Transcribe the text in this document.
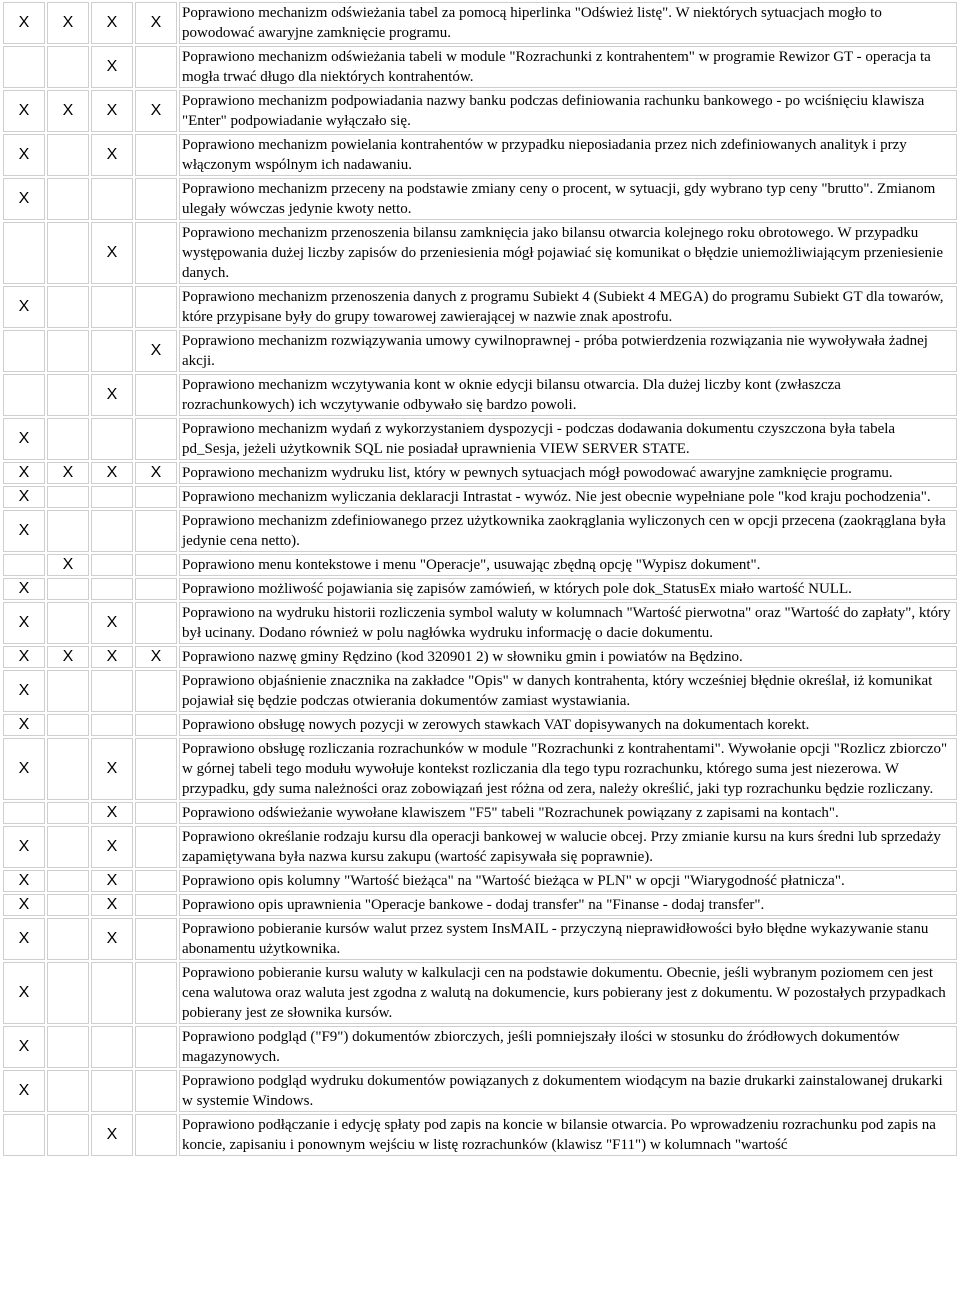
X	X	X	X	Poprawiono mechanizm odświeżania tabel za pomocą hiperlinka "Odśwież listę". W niektórych sytuacjach mogło to powodować awaryjne zamknięcie programu.
		X		Poprawiono mechanizm odświeżania tabeli w module "Rozrachunki z kontrahentem" w programie Rewizor GT - operacja ta mogła trwać długo dla niektórych kontrahentów.
X	X	X	X	Poprawiono mechanizm podpowiadania nazwy banku podczas definiowania rachunku bankowego - po wciśnięciu klawisza "Enter" podpowiadanie wyłączało się.
X		X		Poprawiono mechanizm powielania kontrahentów w przypadku nieposiadania przez nich zdefiniowanych analityk i przy włączonym wspólnym ich nadawaniu.
X				Poprawiono mechanizm przeceny na podstawie zmiany ceny o procent, w sytuacji, gdy wybrano typ ceny "brutto". Zmianom ulegały wówczas jedynie kwoty netto.
		X		Poprawiono mechanizm przenoszenia bilansu zamknięcia jako bilansu otwarcia kolejnego roku obrotowego. W przypadku występowania dużej liczby zapisów do przeniesienia mógł pojawiać się komunikat o błędzie uniemożliwiającym przeniesienie danych.
X				Poprawiono mechanizm przenoszenia danych z programu Subiekt 4 (Subiekt 4 MEGA) do programu Subiekt GT dla towarów, które przypisane były do grupy towarowej zawierającej w nazwie znak apostrofu.
			X	Poprawiono mechanizm rozwiązywania umowy cywilnoprawnej - próba potwierdzenia rozwiązania nie wywoływała żadnej akcji.
		X		Poprawiono mechanizm wczytywania kont w oknie edycji bilansu otwarcia. Dla dużej liczby kont (zwłaszcza rozrachunkowych) ich wczytywanie odbywało się bardzo powoli.
X				Poprawiono mechanizm wydań z wykorzystaniem dyspozycji - podczas dodawania dokumentu czyszczona była tabela pd_Sesja, jeżeli użytkownik SQL nie posiadał uprawnienia VIEW SERVER STATE.
X	X	X	X	Poprawiono mechanizm wydruku list, który w pewnych sytuacjach mógł powodować awaryjne zamknięcie programu.
X				Poprawiono mechanizm wyliczania deklaracji Intrastat - wywóz. Nie jest obecnie wypełniane pole "kod kraju pochodzenia".
X				Poprawiono mechanizm zdefiniowanego przez użytkownika zaokrąglania wyliczonych cen w opcji przecena (zaokrąglana była jedynie cena netto).
	X			Poprawiono menu kontekstowe i menu "Operacje", usuwając zbędną opcję "Wypisz dokument".
X				Poprawiono możliwość pojawiania się zapisów zamówień, w których pole dok_StatusEx miało wartość NULL.
X		X		Poprawiono na wydruku historii rozliczenia symbol waluty w kolumnach "Wartość pierwotna" oraz "Wartość do zapłaty", który był ucinany. Dodano również w polu nagłówka wydruku informację o dacie dokumentu.
X	X	X	X	Poprawiono nazwę gminy Rędzino (kod 320901 2) w słowniku gmin i powiatów na Będzino.
X				Poprawiono objaśnienie znacznika na zakładce "Opis" w danych kontrahenta, który wcześniej błędnie określał, iż komunikat pojawiał się będzie podczas otwierania dokumentów zamiast wystawiania.
X				Poprawiono obsługę nowych pozycji w zerowych stawkach VAT dopisywanych na dokumentach korekt.
X		X		Poprawiono obsługę rozliczania rozrachunków w module "Rozrachunki z kontrahentami". Wywołanie opcji "Rozlicz zbiorczo" w górnej tabeli tego modułu wywołuje kontekst rozliczania dla tego typu rozrachunku, którego suma jest niezerowa. W przypadku, gdy suma należności oraz zobowiązań jest różna od zera, należy określić, jaki typ rozrachunku będzie rozliczany.
		X		Poprawiono odświeżanie wywołane klawiszem "F5" tabeli "Rozrachunek powiązany z zapisami na kontach".
X		X		Poprawiono określanie rodzaju kursu dla operacji bankowej w walucie obcej. Przy zmianie kursu na kurs średni lub sprzedaży zapamiętywana była nazwa kursu zakupu (wartość zapisywała się poprawnie).
X		X		Poprawiono opis kolumny "Wartość bieżąca" na "Wartość bieżąca w PLN" w opcji "Wiarygodność płatnicza".
X		X		Poprawiono opis uprawnienia "Operacje bankowe - dodaj transfer" na "Finanse - dodaj transfer".
X		X		Poprawiono pobieranie kursów walut przez system InsMAIL - przyczyną nieprawidłowości było błędne wykazywanie stanu abonamentu użytkownika.
X				Poprawiono pobieranie kursu waluty w kalkulacji cen na podstawie dokumentu. Obecnie, jeśli wybranym poziomem cen jest cena walutowa oraz waluta jest zgodna z walutą na dokumencie, kurs pobierany jest z dokumentu. W pozostałych przypadkach pobierany jest ze słownika kursów.
X				Poprawiono podgląd ("F9") dokumentów zbiorczych, jeśli pomniejszały ilości w stosunku do źródłowych dokumentów magazynowych.
X				Poprawiono podgląd wydruku dokumentów powiązanych z dokumentem wiodącym na bazie drukarki zainstalowanej drukarki w systemie Windows.
		X		Poprawiono podłączanie i edycję spłaty pod zapis na koncie w bilansie otwarcia. Po wprowadzeniu rozrachunku pod zapis na koncie, zapisaniu i ponownym wejściu w listę rozrachunków (klawisz "F11") w kolumnach "wartość
